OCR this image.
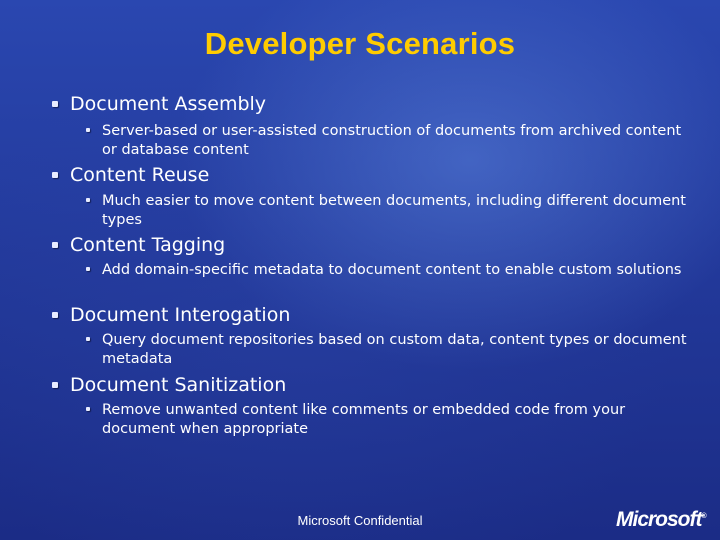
Developer Scenarios
Document Assembly
Server-based or user-assisted construction of documents from archived content or database content
Content Reuse
Much easier to move content between documents, including different document types
Content Tagging
Add domain-specific metadata to document content to enable custom solutions
Document Interogation
Query document repositories based on custom data, content types or document metadata
Document Sanitization
Remove unwanted content like comments or embedded code from your document when appropriate
Microsoft Confidential	Microsoft®
